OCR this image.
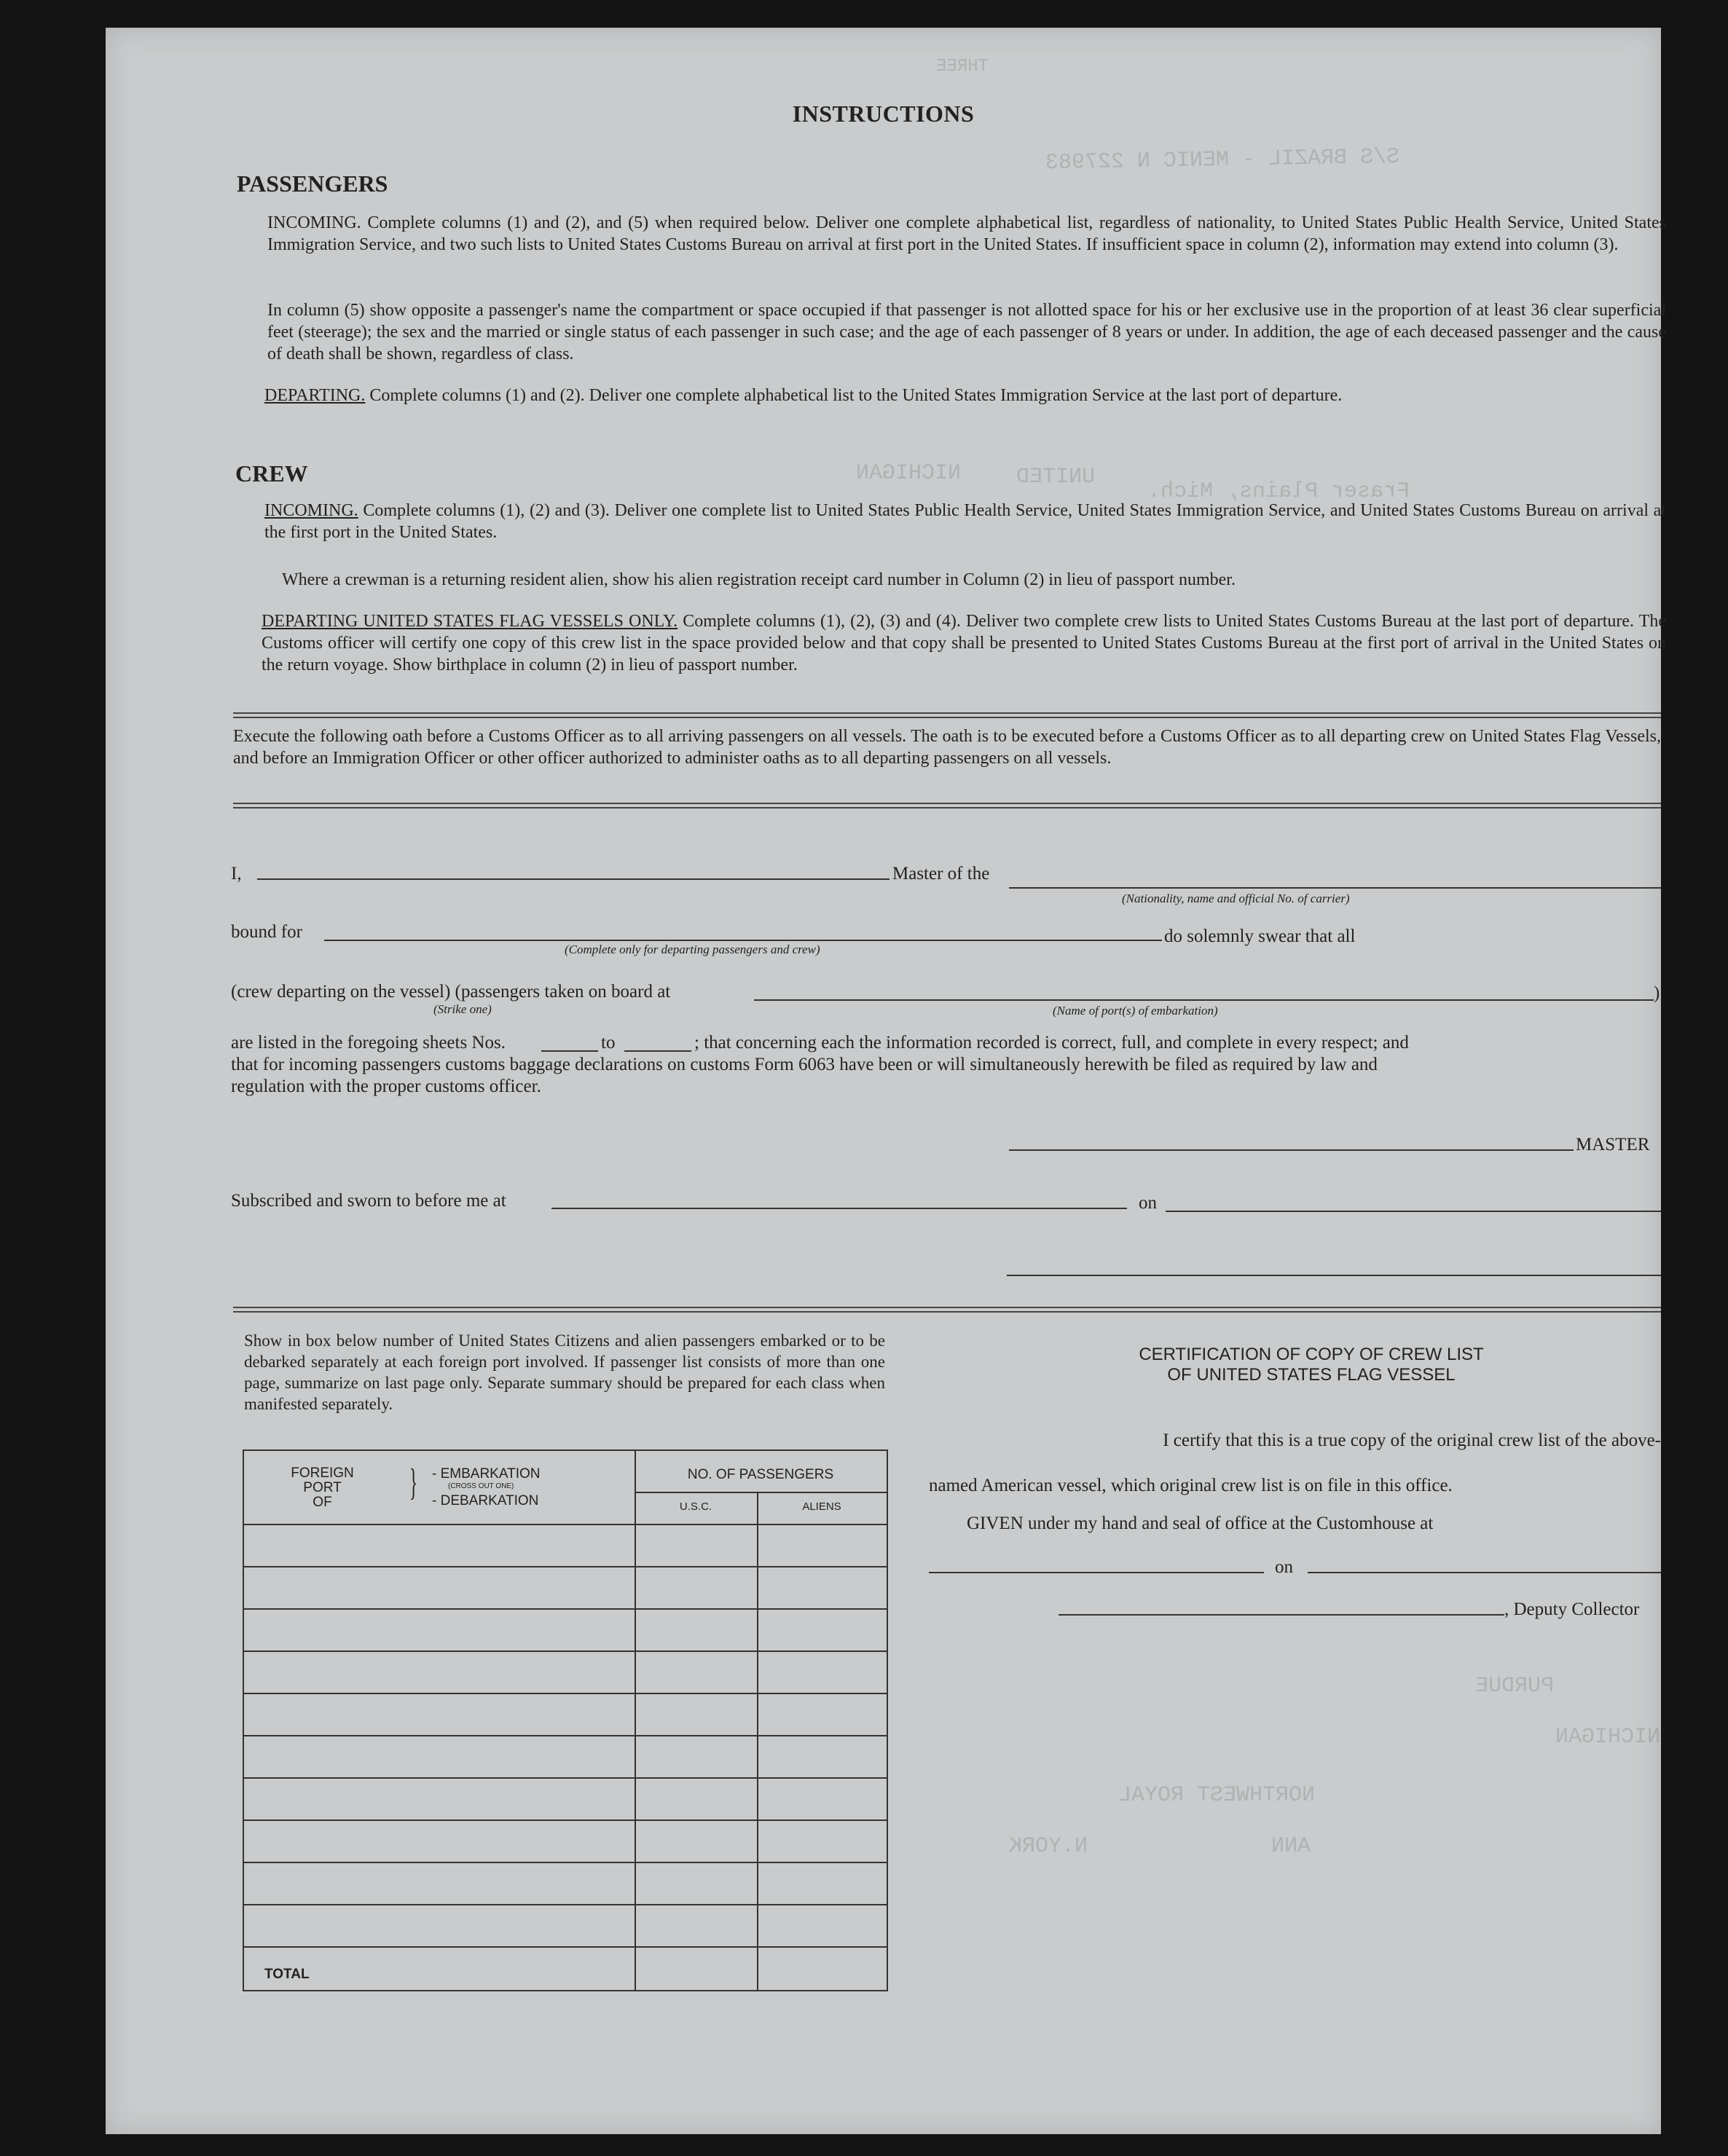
S/S BRAZIL - MENIC N 227983
NICHIGAN	UNITED
Fraser Plains, Mich.
PURDUE
NORTHWEST ROYAL
ANN
N.YORK
NICHIGAN
THREE
INSTRUCTIONS
PASSENGERS
INCOMING. Complete columns (1) and (2), and (5) when required below. Deliver one complete alphabetical list, regardless of nationality, to United States Public Health Service, United States Immigration Service, and two such lists to United States Customs Bureau on arrival at first port in the United States. If insufficient space in column (2), information may extend into column (3).
In column (5) show opposite a passenger's name the compartment or space occupied if that passenger is not allotted space for his or her exclusive use in the proportion of at least 36 clear superficial feet (steerage); the sex and the married or single status of each passenger in such case; and the age of each passenger of 8 years or under. In addition, the age of each deceased passenger and the cause of death shall be shown, regardless of class.
DEPARTING. Complete columns (1) and (2). Deliver one complete alphabetical list to the United States Immigration Service at the last port of departure.
CREW
INCOMING. Complete columns (1), (2) and (3). Deliver one complete list to United States Public Health Service, United States Immigration Service, and United States Customs Bureau on arrival at the first port in the United States.
Where a crewman is a returning resident alien, show his alien registration receipt card number in Column (2) in lieu of passport number.
DEPARTING UNITED STATES FLAG VESSELS ONLY. Complete columns (1), (2), (3) and (4). Deliver two complete crew lists to United States Customs Bureau at the last port of departure. The Customs officer will certify one copy of this crew list in the space provided below and that copy shall be presented to United States Customs Bureau at the first port of arrival in the United States on the return voyage. Show birthplace in column (2) in lieu of passport number.
Execute the following oath before a Customs Officer as to all arriving passengers on all vessels. The oath is to be executed before a Customs Officer as to all departing crew on United States Flag Vessels, and before an Immigration Officer or other officer authorized to administer oaths as to all departing passengers on all vessels.
I,	Master of the
(Nationality, name and official No. of carrier)
bound for
(Complete only for departing passengers and crew)
do solemnly swear that all
(crew departing on the vessel) (passengers taken on board at
(Strike one)
)
(Name of port(s) of embarkation)
are listed in the foregoing sheets Nos.	to	; that concerning each the information recorded is correct, full, and complete in every respect; and
that for incoming passengers customs baggage declarations on customs Form 6063 have been or will simultaneously herewith be filed as required by law and
regulation with the proper customs officer.
MASTER
Subscribed and sworn to before me at	on
Show in box below number of United States Citizens and alien passengers embarked or to be debarked separately at each foreign port involved. If passenger list consists of more than one page, summarize on last page only. Separate summary should be prepared for each class when manifested separately.
FOREIGN
PORT
OF	} - EMBARKATION
(CROSS OUT ONE)
- DEBARKATION
NO. OF PASSENGERS
U.S.C.	ALIENS
TOTAL
CERTIFICATION OF COPY OF CREW LIST
OF UNITED STATES FLAG VESSEL
I certify that this is a true copy of the original crew list of the above-
named American vessel, which original crew list is on file in this office.
GIVEN under my hand and seal of office at the Customhouse at
on
, Deputy Collector
